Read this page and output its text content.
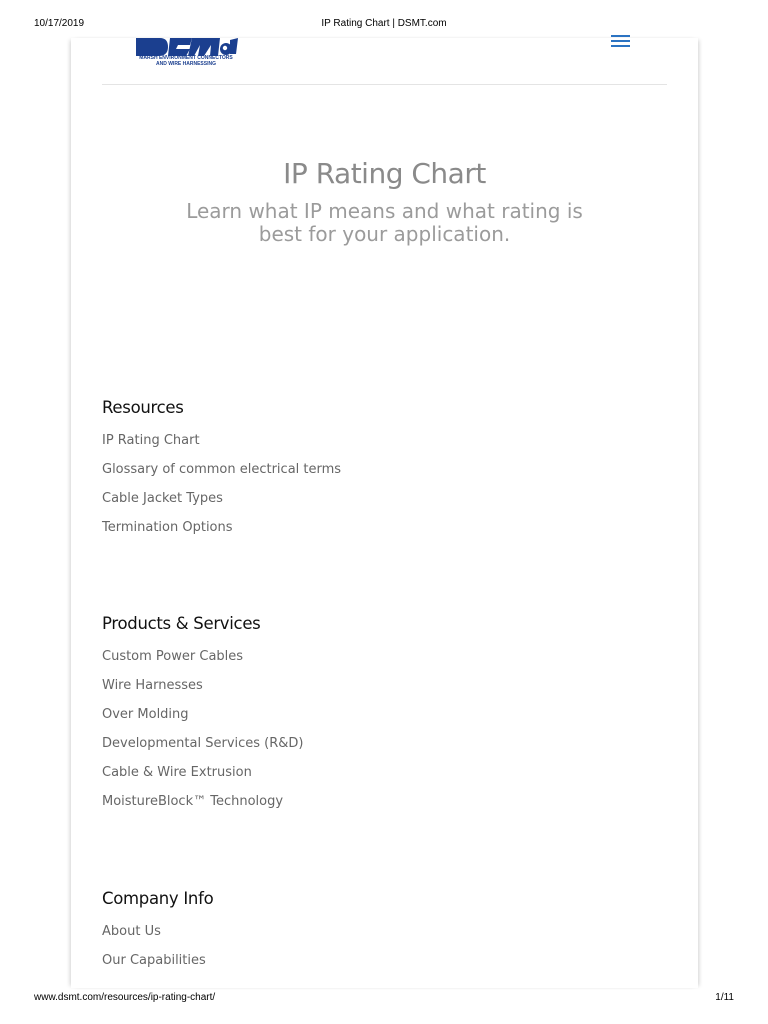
10/17/2019	IP Rating Chart | DSMT.com
MARSH ENVIRONMENT CONNECTORS
AND WIRE HARNESSING
IP Rating Chart

Learn what IP means and what rating is best for your application.

Resources
IP Rating Chart
Glossary of common electrical terms
Cable Jacket Types
Termination Options
Products & Services
Custom Power Cables
Wire Harnesses
Over Molding
Developmental Services (R&D)
Cable & Wire Extrusion
MoistureBlock™ Technology
Company Info
About Us
Our Capabilities
www.dsmt.com/resources/ip-rating-chart/	1/11
